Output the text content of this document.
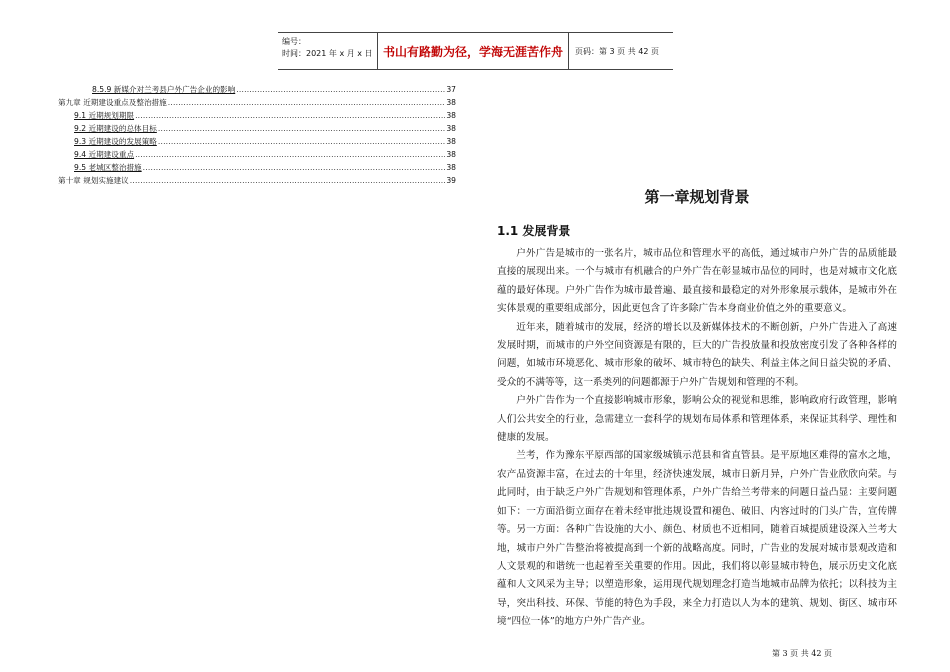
编号：
时间：2021 年 x 月 x 日 书山有路勤为径，学海无涯苦作舟	页码：第 3 页 共 42 页
8.5.9 新媒介对兰考县户外广告企业的影响 .....	37
第九章 近期建设重点及整治措施 .....	38
9.1 近期规划期限 .....	38
9.2 近期建设的总体目标 .....	38
9.3 近期建设的发展策略 .....	38
9.4 近期建设重点 .....	38
9.5 老城区整治措施 .....	38
第十章 规划实施建议 .....	39
第一章规划背景
1.1 发展背景

户外广告是城市的一张名片，城市品位和管理水平的高低，通过城市户外广告的品质能最直接的展现出来。一个与城市有机融合的户外广告在彰显城市品位的同时，也是对城市文化底蕴的最好体现。户外广告作为城市最普遍、最直接和最稳定的对外形象展示载体，是城市外在实体景观的重要组成部分，因此更包含了许多除广告本身商业价值之外的重要意义。

近年来，随着城市的发展，经济的增长以及新媒体技术的不断创新，户外广告进入了高速发展时期，而城市的户外空间资源是有限的，巨大的广告投放量和投放密度引发了各种各样的问题，如城市环境恶化、城市形象的破坏、城市特色的缺失、利益主体之间日益尖锐的矛盾、受众的不满等等，这一系类列的问题都源于户外广告规划和管理的不利。

户外广告作为一个直接影响城市形象，影响公众的视觉和思维，影响政府行政管理，影响人们公共安全的行业，急需建立一套科学的规划布局体系和管理体系，来保证其科学、理性和健康的发展。

兰考，作为豫东平原西部的国家级城镇示范县和省直管县。是平原地区难得的富水之地，农产品资源丰富，在过去的十年里，经济快速发展，城市日新月异，户外广告业欣欣向荣。与此同时，由于缺乏户外广告规划和管理体系，户外广告给兰考带来的问题日益凸显：主要问题如下：一方面沿街立面存在着未经审批违规设置和褪色、破旧、内容过时的门头广告，宣传牌等。另一方面：各种广告设施的大小、颜色、材质也不近相同，随着百城提质建设深入兰考大地，城市户外广告整治将被提高到一个新的战略高度。同时，广告业的发展对城市景观改造和人文景观的和谐统一也起着至关重要的作用。因此，我们将以彰显城市特色，展示历史文化底蕴和人文风采为主导；以塑造形象，运用现代规划理念打造当地城市品牌为依托；以科技为主导，突出科技、环保、节能的特色为手段，来全力打造以人为本的建筑、规划、街区、城市环境“四位一体”的地方户外广告产业。

第 3 页 共 42 页
